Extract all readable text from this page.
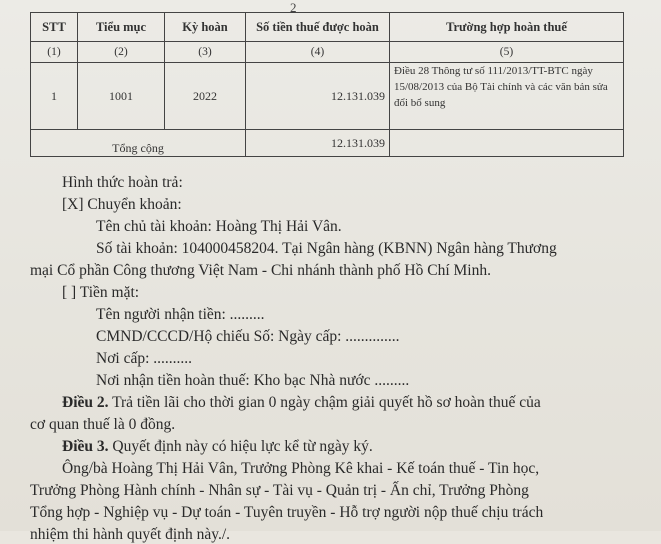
2
STT	Tiểu mục	Kỳ hoàn	Số tiền thuế được hoàn	Trường hợp hoàn thuế
(1)	(2)	(3)	(4)	(5)
1	1001	2022	12.131.039	Điều 28 Thông tư số 111/2013/TT-BTC ngày 15/08/2013 của Bộ Tài chính và các văn bản sửa đổi bổ sung
Tổng cộng			12.131.039	
Hình thức hoàn trả:
[X] Chuyển khoản:
Tên chủ tài khoản: Hoàng Thị Hải Vân.
Số tài khoản: 104000458204. Tại Ngân hàng (KBNN) Ngân hàng Thương
mại Cổ phần Công thương Việt Nam - Chi nhánh thành phố Hồ Chí Minh.
[ ] Tiền mặt:
Tên người nhận tiền: .........
CMND/CCCD/Hộ chiếu Số: Ngày cấp: ..............
Nơi cấp: ..........
Nơi nhận tiền hoàn thuế: Kho bạc Nhà nước .........
Điều 2. Trả tiền lãi cho thời gian 0 ngày chậm giải quyết hồ sơ hoàn thuế của
cơ quan thuế là 0 đồng.
Điều 3. Quyết định này có hiệu lực kể từ ngày ký.
Ông/bà Hoàng Thị Hải Vân, Trưởng Phòng Kê khai - Kế toán thuế - Tin học,
Trưởng Phòng Hành chính - Nhân sự - Tài vụ - Quản trị - Ấn chỉ, Trưởng Phòng
Tổng hợp - Nghiệp vụ - Dự toán - Tuyên truyền - Hỗ trợ người nộp thuế chịu trách
nhiệm thi hành quyết định này./.
